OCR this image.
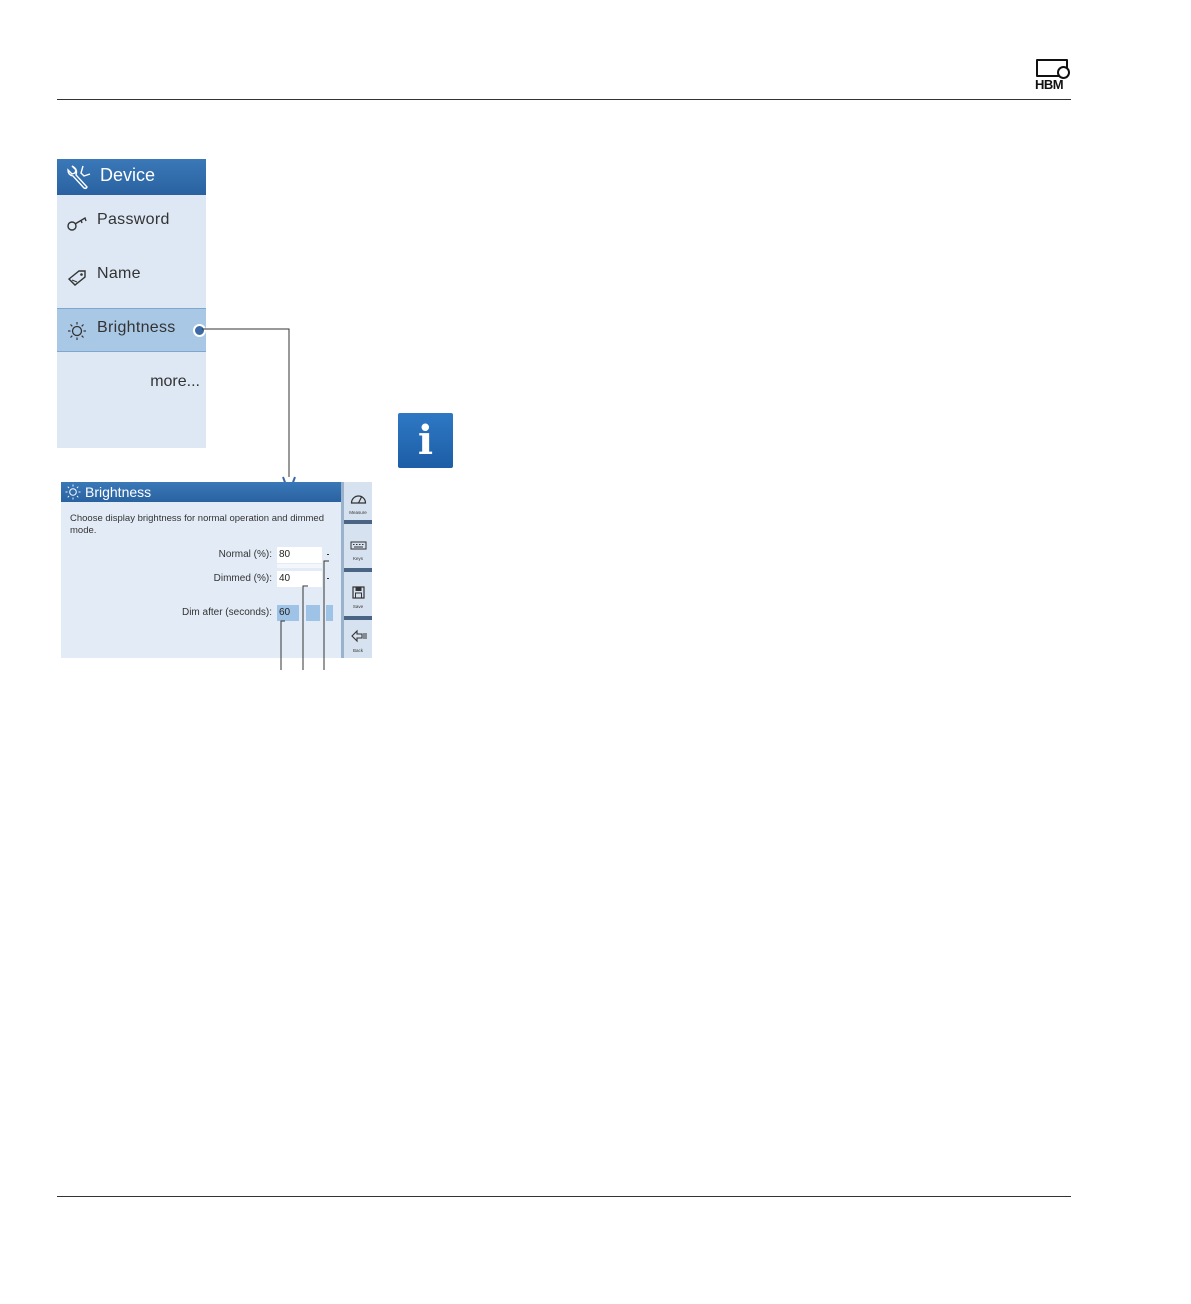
HBM
Device
Password
Name
Brightness
more...
Brightness
Choose display brightness for normal operation and dimmed mode.
Normal (%):
80
Dimmed (%):
40
Dim after (seconds):
60
Measure
Keys
Save
Back
i
